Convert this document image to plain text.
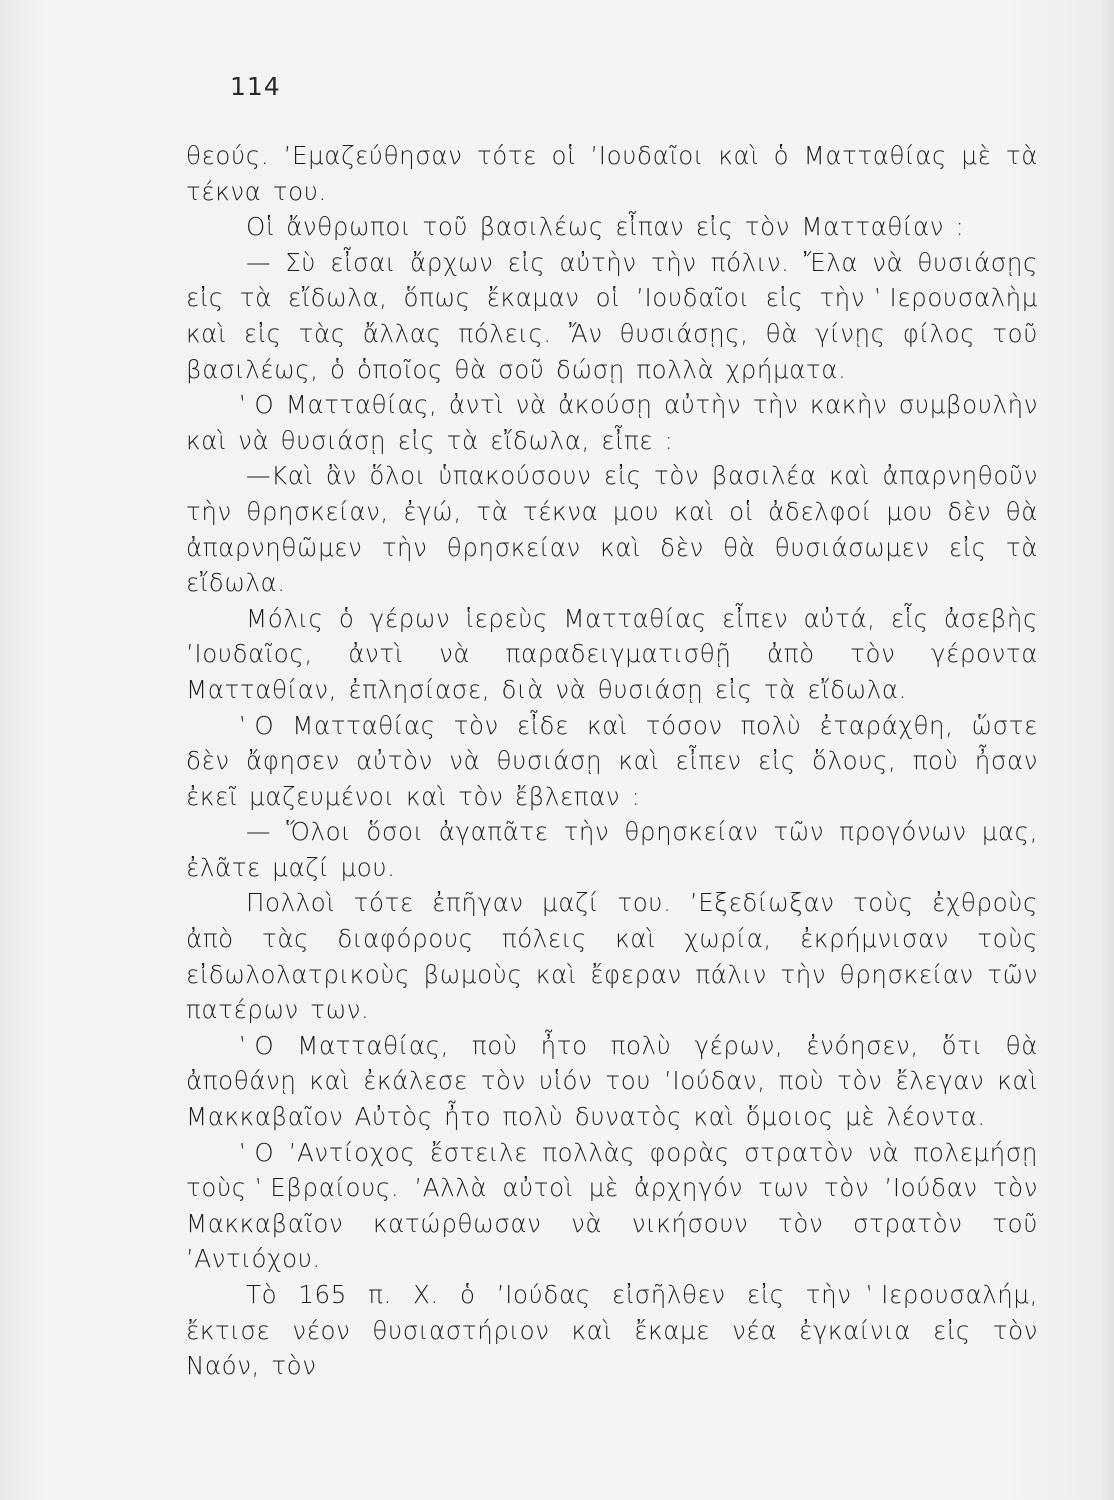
114

θεούς. ’Εμαζεύθησαν τότε οἱ ’Ιουδαῖοι καὶ ὁ Ματταθίας μὲ τὰ τέκνα του.

Οἱ ἄνθρωποι τοῦ βασιλέως εἶπαν εἰς τὸν Ματταθίαν :

— Σὺ εἶσαι ἄρχων εἰς αὐτὴν τὴν πόλιν. Ἔλα νὰ θυσιάσῃς εἰς τὰ εἴδωλα, ὅπως ἔκαμαν οἱ ’Ιουδαῖοι εἰς τὴν ‛Ιερουσαλὴμ καὶ εἰς τὰς ἄλλας πόλεις. Ἄν θυσιάσῃς, θὰ γίνῃς φίλος τοῦ βασιλέως, ὁ ὁποῖος θὰ σοῦ δώσῃ πολλὰ χρήματα.

‛Ο Ματταθίας, ἀντὶ νὰ ἀκούσῃ αὐτὴν τὴν κακὴν συμβουλὴν καὶ νὰ θυσιάσῃ εἰς τὰ εἴδωλα, εἶπε :

—Καὶ ἂν ὅλοι ὑπακούσουν εἰς τὸν βασιλέα καὶ ἀπαρνηθοῦν τὴν θρησκείαν, ἐγώ, τὰ τέκνα μου καὶ οἱ ἀδελφοί μου δὲν θὰ ἀπαρνηθῶμεν τὴν θρησκείαν καὶ δὲν θὰ θυσιάσωμεν εἰς τὰ εἴδωλα.

Μόλις ὁ γέρων ἱερεὺς Ματταθίας εἶπεν αὐτά, εἷς ἀσεβὴς ’Ιουδαῖος, ἀντὶ νὰ παραδειγματισθῇ ἀπὸ τὸν γέροντα Ματταθίαν, ἐπλησίασε, διὰ νὰ θυσιάσῃ εἰς τὰ εἴδωλα.

‛Ο Ματταθίας τὸν εἶδε καὶ τόσον πολὺ ἐταράχθη, ὥστε δὲν ἄφησεν αὐτὸν νὰ θυσιάσῃ καὶ εἶπεν εἰς ὅλους, ποὺ ἦσαν ἐκεῖ μαζευμένοι καὶ τὸν ἔβλεπαν :

— Ὅλοι ὅσοι ἀγαπᾶτε τὴν θρησκείαν τῶν προγόνων μας, ἐλᾶτε μαζί μου.

Πολλοὶ τότε ἐπῆγαν μαζί του. ’Εξεδίωξαν τοὺς ἐχθροὺς ἀπὸ τὰς διαφόρους πόλεις καὶ χωρία, ἐκρήμνισαν τοὺς εἰδωλολατρικοὺς βωμοὺς καὶ ἔφεραν πάλιν τὴν θρησκείαν τῶν πατέρων των.

‛Ο Ματταθίας, ποὺ ἦτο πολὺ γέρων, ἐνόησεν, ὅτι θὰ ἀποθάνῃ καὶ ἐκάλεσε τὸν υἱόν του ’Ιούδαν, ποὺ τὸν ἔλεγαν καὶ Μακκαβαῖον Αὐτὸς ἦτο πολὺ δυνατὸς καὶ ὅμοιος μὲ λέοντα.

‛Ο ’Αντίοχος ἔστειλε πολλὰς φορὰς στρατὸν νὰ πολεμήσῃ τοὺς ‛Εβραίους. ’Αλλὰ αὐτοὶ μὲ ἀρχηγόν των τὸν ’Ιούδαν τὸν Μακκαβαῖον κατώρθωσαν νὰ νικήσουν τὸν στρατὸν τοῦ ’Αντιόχου.

Τὸ 165 π. Χ. ὁ ’Ιούδας εἰσῆλθεν εἰς τὴν ‛Ιερουσαλήμ, ἔκτισε νέον θυσιαστήριον καὶ ἔκαμε νέα ἐγκαίνια εἰς τὸν Ναόν, τὸν
